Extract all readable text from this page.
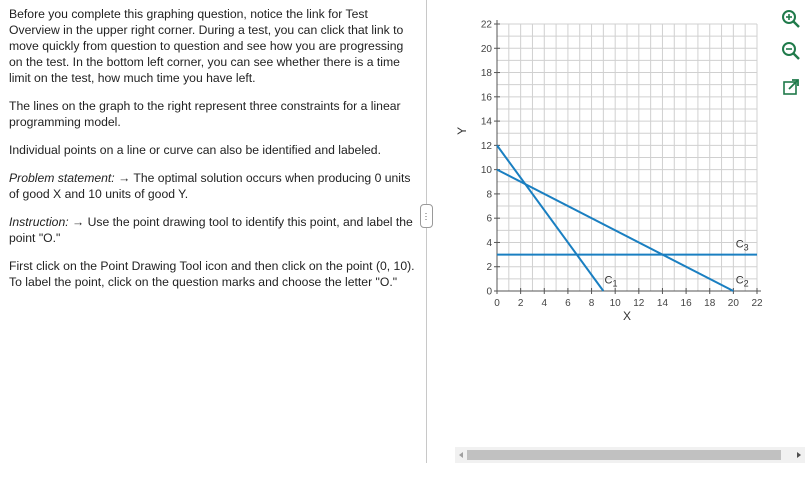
Before you complete this graphing question, notice the link for Test Overview in the upper right corner. During a test, you can click that link to move quickly from question to question and see how you are progressing on the test. In the bottom left corner, you can see whether there is a time limit on the test, how much time you have left.

The lines on the graph to the right represent three constraints for a linear programming model.

Individual points on a line or curve can also be identified and labeled.

Problem statement: → The optimal solution occurs when producing 0 units of good X and 10 units of good Y.

Instruction: → Use the point drawing tool to identify this point, and label the point "O."

First click on the Point Drawing Tool icon and then click on the point (0, 10). To label the point, click on the question marks and choose the letter "O."

⋯
0 2 4 6 8 10 12 14 16 18 20 22
0
2
4
6
8
10
12
14
16
18
20
22
$C_1$	$C_2$
$C_3$
X
Y
